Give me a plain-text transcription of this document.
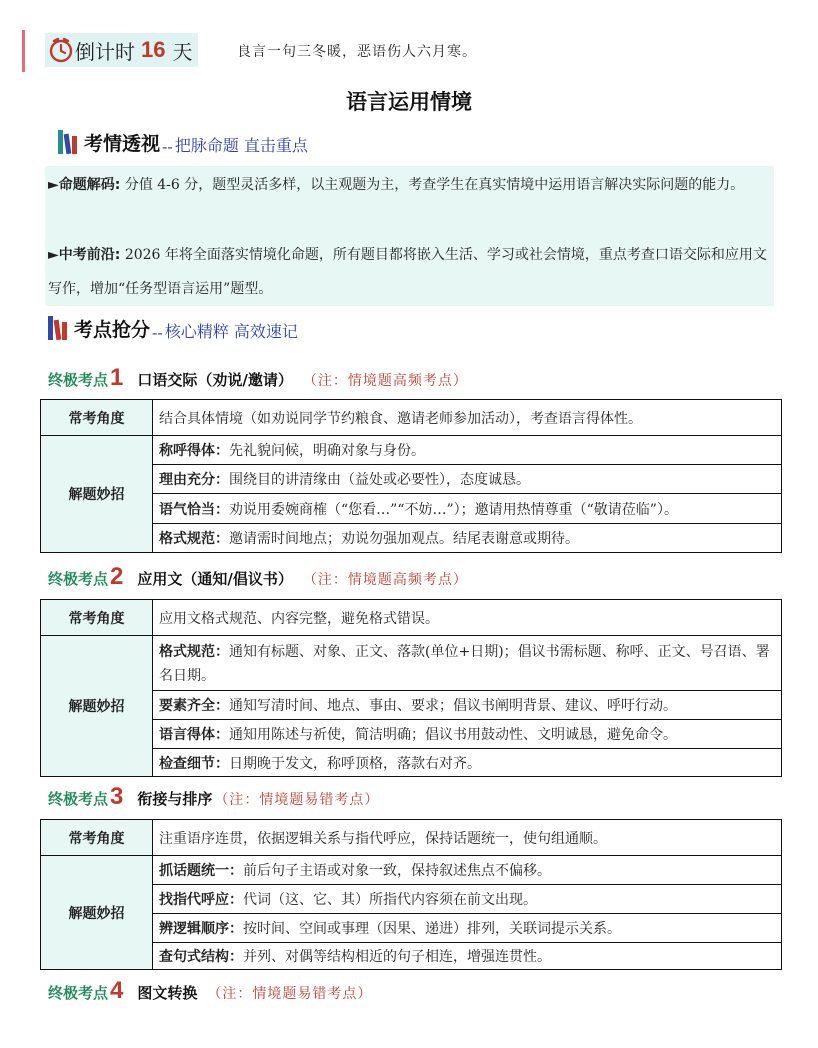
倒计时 16 天	良言一句三冬暖，恶语伤人六月寒。
语言运用情境
考情透视 -- 把脉命题 直击重点
►命题解码: 分值 4-6 分，题型灵活多样，以主观题为主，考查学生在真实情境中运用语言解决实际问题的能力。
►中考前沿: 2026 年将全面落实情境化命题，所有题目都将嵌入生活、学习或社会情境，重点考查口语交际和应用文写作，增加“任务型语言运用”题型。
考点抢分 -- 核心精粹 高效速记
终极考点 1 口语交际（劝说/邀请） （注：情境题高频考点）
常考角度	结合具体情境（如劝说同学节约粮食、邀请老师参加活动），考查语言得体性。
解题妙招	称呼得体：先礼貌问候，明确对象与身份。
	理由充分：围绕目的讲清缘由（益处或必要性），态度诚恳。
	语气恰当：劝说用委婉商榷（“您看…”“不妨…”）；邀请用热情尊重（“敬请莅临”）。
	格式规范：邀请需时间地点；劝说勿强加观点。结尾表谢意或期待。
终极考点 2 应用文（通知/倡议书） （注：情境题高频考点）
常考角度	应用文格式规范、内容完整，避免格式错误。
解题妙招	格式规范：通知有标题、对象、正文、落款(单位+日期)；倡议书需标题、称呼、正文、号召语、署名日期。
	要素齐全：通知写清时间、地点、事由、要求；倡议书阐明背景、建议、呼吁行动。
	语言得体：通知用陈述与祈使，简洁明确；倡议书用鼓动性、文明诚恳，避免命令。
	检查细节：日期晚于发文，称呼顶格，落款右对齐。
终极考点 3 衔接与排序 （注：情境题易错考点）
常考角度	注重语序连贯，依据逻辑关系与指代呼应，保持话题统一，使句组通顺。
解题妙招	抓话题统一：前后句子主语或对象一致，保持叙述焦点不偏移。
	找指代呼应：代词（这、它、其）所指代内容须在前文出现。
	辨逻辑顺序：按时间、空间或事理（因果、递进）排列，关联词提示关系。
	查句式结构：并列、对偶等结构相近的句子相连，增强连贯性。
终极考点 4 图文转换 （注：情境题易错考点）
